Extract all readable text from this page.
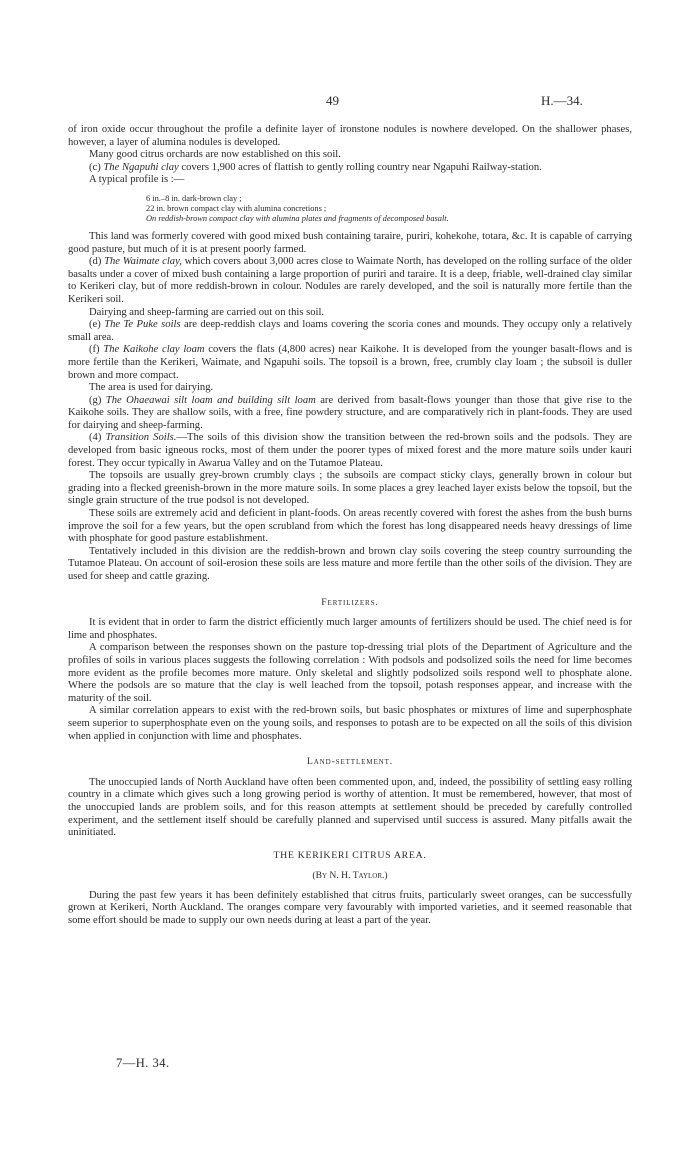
49	H.—34.

of iron oxide occur throughout the profile a definite layer of ironstone nodules is nowhere developed. On the shallower phases, however, a layer of alumina nodules is developed.

Many good citrus orchards are now established on this soil.

(c) The Ngapuhi clay covers 1,900 acres of flattish to gently rolling country near Ngapuhi Railway-station.

A typical profile is :—

6 in.–8 in. dark-brown clay ;
22 in. brown compact clay with alumina concretions ;
On reddish-brown compact clay with alumina plates and fragments of decomposed basalt.

This land was formerly covered with good mixed bush containing taraire, puriri, kohekohe, totara, &c. It is capable of carrying good pasture, but much of it is at present poorly farmed.

(d) The Waimate clay, which covers about 3,000 acres close to Waimate North, has developed on the rolling surface of the older basalts under a cover of mixed bush containing a large proportion of puriri and taraire. It is a deep, friable, well-drained clay similar to Kerikeri clay, but of more reddish-brown in colour. Nodules are rarely developed, and the soil is naturally more fertile than the Kerikeri soil.

Dairying and sheep-farming are carried out on this soil.

(e) The Te Puke soils are deep-reddish clays and loams covering the scoria cones and mounds. They occupy only a relatively small area.

(f) The Kaikohe clay loam covers the flats (4,800 acres) near Kaikohe. It is developed from the younger basalt-flows and is more fertile than the Kerikeri, Waimate, and Ngapuhi soils. The topsoil is a brown, free, crumbly clay loam ; the subsoil is duller brown and more compact.

The area is used for dairying.

(g) The Ohaeawai silt loam and building silt loam are derived from basalt-flows younger than those that give rise to the Kaikohe soils. They are shallow soils, with a free, fine powdery structure, and are comparatively rich in plant-foods. They are used for dairying and sheep-farming.

(4) Transition Soils.—The soils of this division show the transition between the red-brown soils and the podsols. They are developed from basic igneous rocks, most of them under the poorer types of mixed forest and the more mature soils under kauri forest. They occur typically in Awarua Valley and on the Tutamoe Plateau.

The topsoils are usually grey-brown crumbly clays ; the subsoils are compact sticky clays, generally brown in colour but grading into a flecked greenish-brown in the more mature soils. In some places a grey leached layer exists below the topsoil, but the single grain structure of the true podsol is not developed.

These soils are extremely acid and deficient in plant-foods. On areas recently covered with forest the ashes from the bush burns improve the soil for a few years, but the open scrubland from which the forest has long disappeared needs heavy dressings of lime with phosphate for good pasture establishment.

Tentatively included in this division are the reddish-brown and brown clay soils covering the steep country surrounding the Tutamoe Plateau. On account of soil-erosion these soils are less mature and more fertile than the other soils of the division. They are used for sheep and cattle grazing.

Fertilizers.

It is evident that in order to farm the district efficiently much larger amounts of fertilizers should be used. The chief need is for lime and phosphates.

A comparison between the responses shown on the pasture top-dressing trial plots of the Department of Agriculture and the profiles of soils in various places suggests the following correlation : With podsols and podsolized soils the need for lime becomes more evident as the profile becomes more mature. Only skeletal and slightly podsolized soils respond well to phosphate alone. Where the podsols are so mature that the clay is well leached from the topsoil, potash responses appear, and increase with the maturity of the soil.

A similar correlation appears to exist with the red-brown soils, but basic phosphates or mixtures of lime and superphosphate seem superior to superphosphate even on the young soils, and responses to potash are to be expected on all the soils of this division when applied in conjunction with lime and phosphates.

Land-settlement.

The unoccupied lands of North Auckland have often been commented upon, and, indeed, the possibility of settling easy rolling country in a climate which gives such a long growing period is worthy of attention. It must be remembered, however, that most of the unoccupied lands are problem soils, and for this reason attempts at settlement should be preceded by carefully controlled experiment, and the settlement itself should be carefully planned and supervised until success is assured. Many pitfalls await the uninitiated.

THE KERIKERI CITRUS AREA.
(By N. H. Taylor.)

During the past few years it has been definitely established that citrus fruits, particularly sweet oranges, can be successfully grown at Kerikeri, North Auckland. The oranges compare very favourably with imported varieties, and it seemed reasonable that some effort should be made to supply our own needs during at least a part of the year.

7—H. 34.
